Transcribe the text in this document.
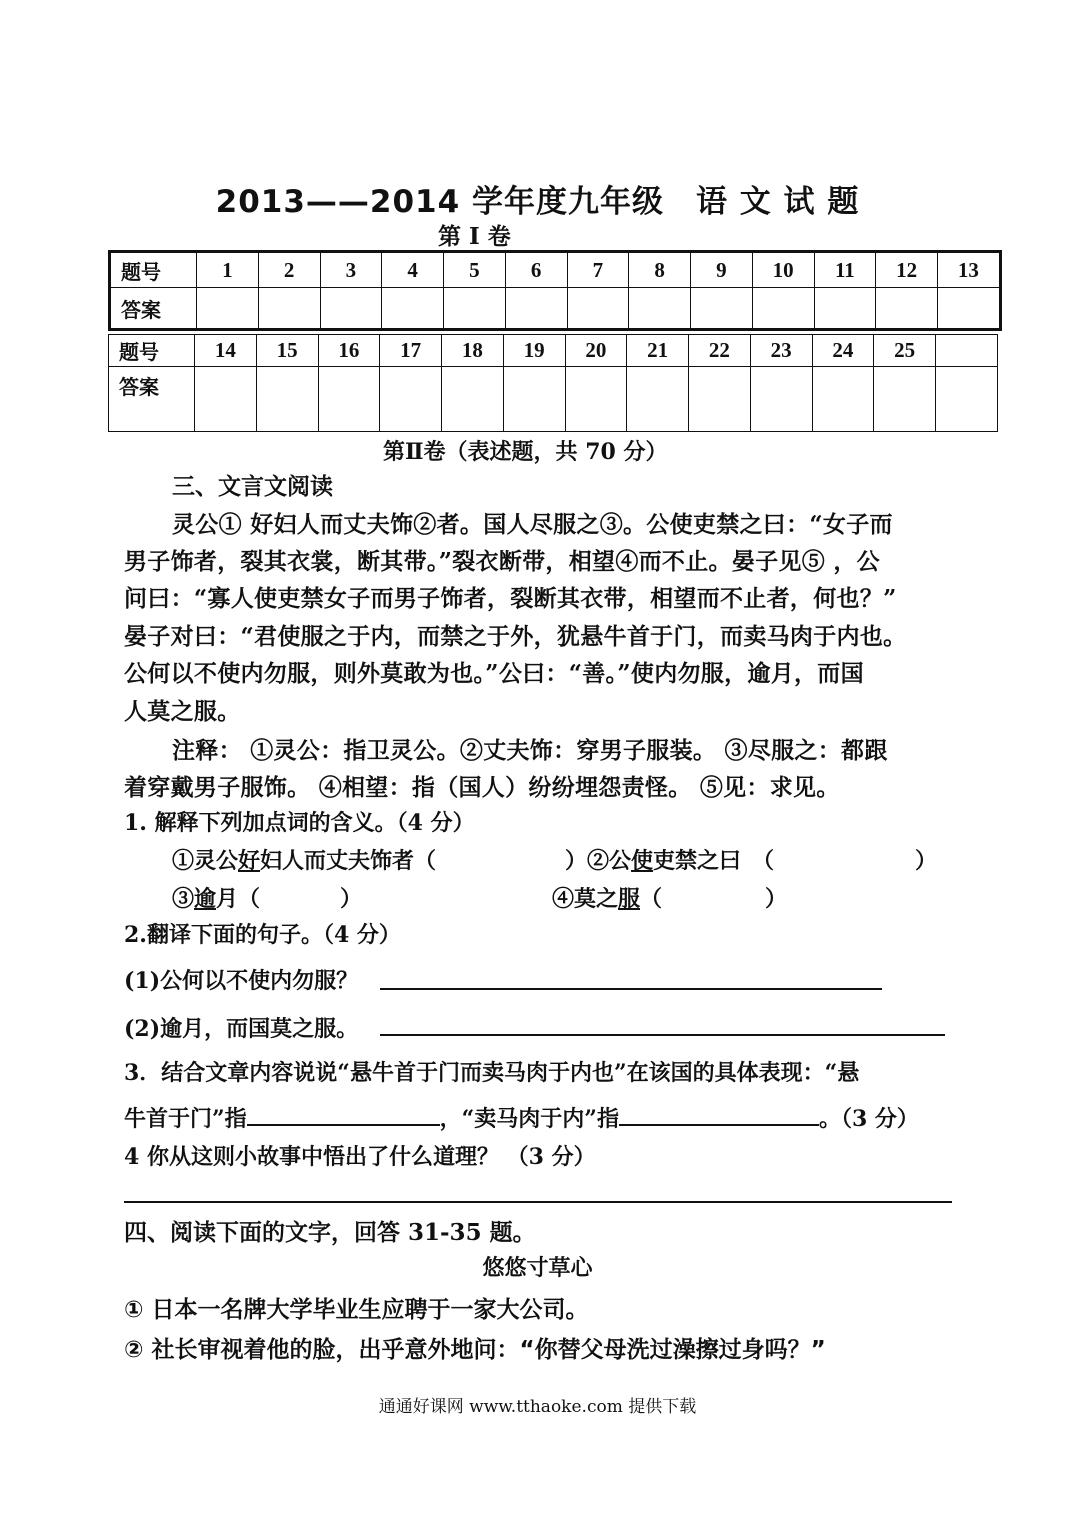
2013——2014 学年度九年级　语 文 试 题
第 I 卷
题号	1	2	3	4	5	6	7	8	9	10	11	12	13
答案													
题号	14	15	16	17	18	19	20	21	22	23	24	25	
答案													
第Ⅱ卷（表述题，共 70 分）
三、文言文阅读
灵公① 好妇人而丈夫饰②者。国人尽服之③。公使吏禁之曰：“女子而
男子饰者，裂其衣裳，断其带。”裂衣断带，相望④而不止。晏子见⑤ ，公
问曰：“寡人使吏禁女子而男子饰者，裂断其衣带，相望而不止者，何也？”
晏子对曰：“君使服之于内，而禁之于外，犹悬牛首于门，而卖马肉于内也。
公何以不使内勿服，则外莫敢为也。”公曰：“善。”使内勿服，逾月，而国
人莫之服。
注释： ①灵公：指卫灵公。②丈夫饰：穿男子服装。 ③尽服之：都跟
着穿戴男子服饰。 ④相望：指（国人）纷纷埋怨责怪。 ⑤见：求见。
1. 解释下列加点词的含义。（4 分）
①灵公好妇人而丈夫饰者（	）②公使吏禁之曰　（	）
③逾月（	）	④莫之服（	）
2.翻译下面的句子。（4 分）
(1)公何以不使内勿服？
(2)逾月，而国莫之服。
3．结合文章内容说说“悬牛首于门而卖马肉于内也”在该国的具体表现：“悬
牛首于门”指	，“卖马肉于内”指	。（3 分）
4 你从这则小故事中悟出了什么道理？ （3 分）
四、阅读下面的文字，回答 31-35 题。
悠悠寸草心
① 日本一名牌大学毕业生应聘于一家大公司。
② 社长审视着他的脸，出乎意外地问：“你替父母洗过澡擦过身吗？”
通通好课网 www.tthaoke.com 提供下载
